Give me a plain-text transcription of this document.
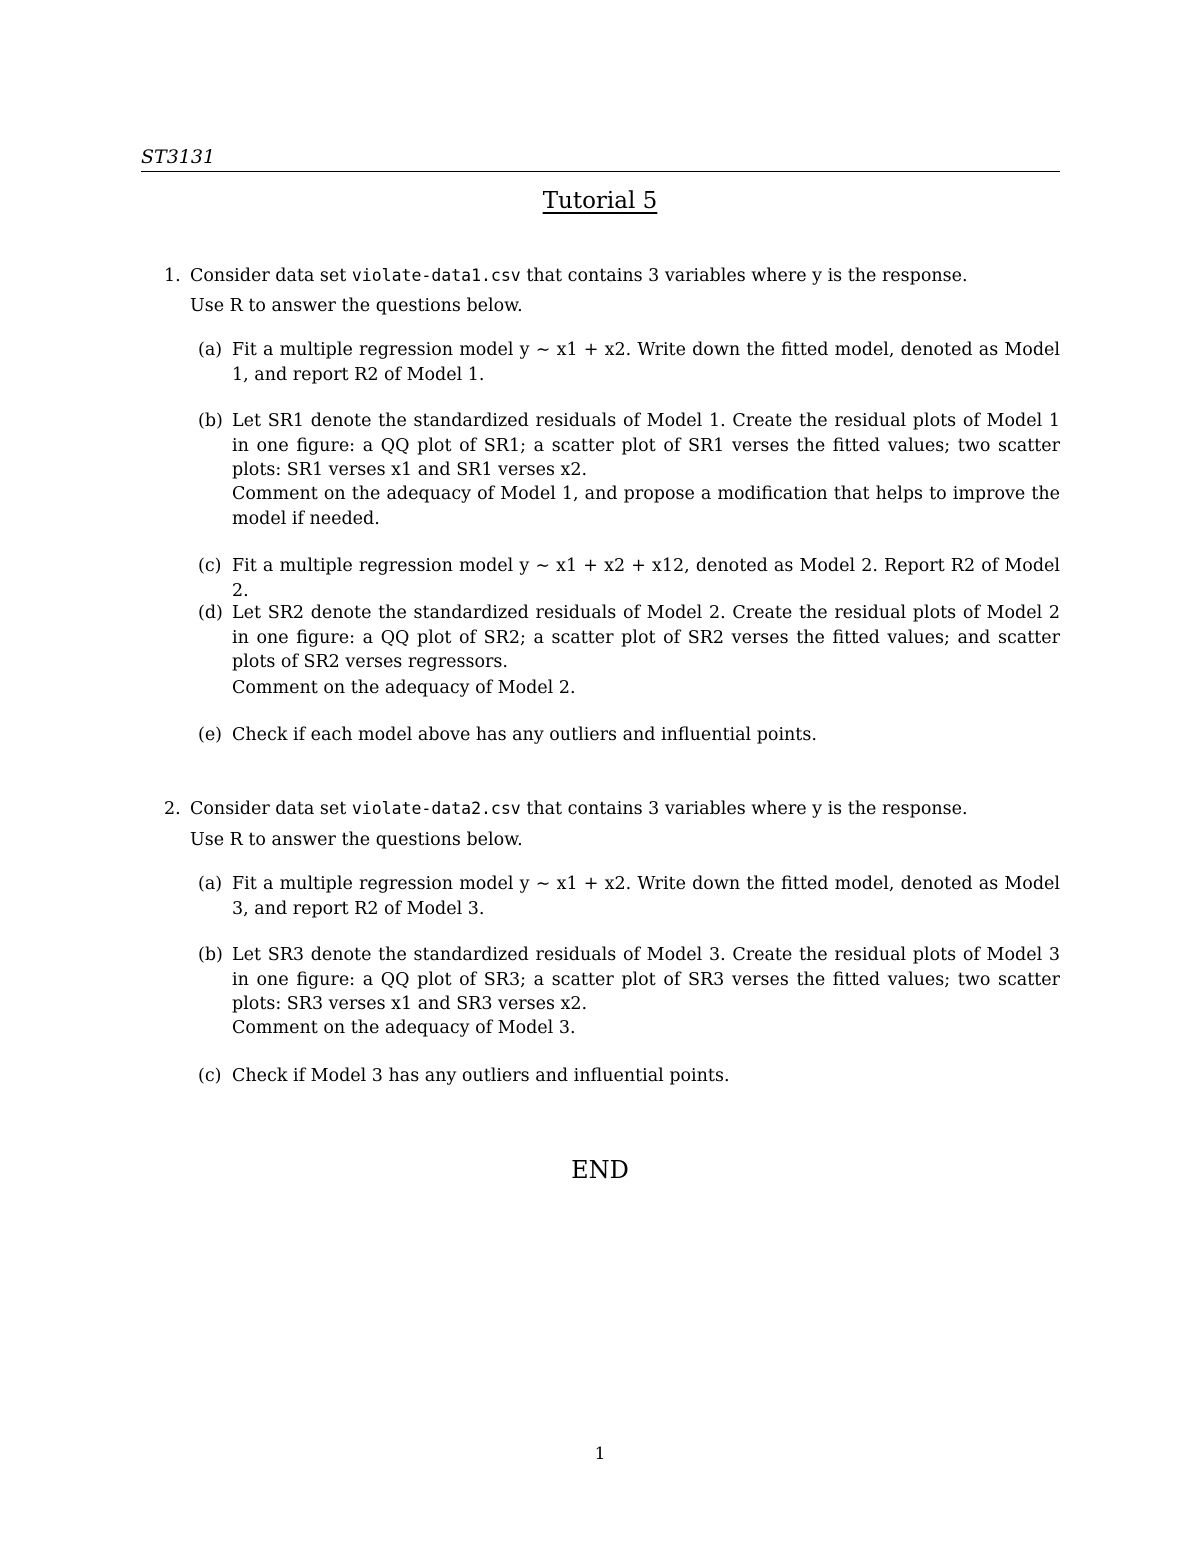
ST3131
Tutorial 5
1. Consider data set violate-data1.csv that contains 3 variables where y is the response.
Use R to answer the questions below.
(a) Fit a multiple regression model y ∼ x1 + x2. Write down the fitted model, denoted as Model 1, and report R2 of Model 1.
(b) Let SR1 denote the standardized residuals of Model 1. Create the residual plots of Model 1 in one figure: a QQ plot of SR1; a scatter plot of SR1 verses the fitted values; two scatter plots: SR1 verses x1 and SR1 verses x2.
Comment on the adequacy of Model 1, and propose a modification that helps to improve the model if needed.
(c) Fit a multiple regression model y ∼ x1 + x2 + x12, denoted as Model 2. Report R2 of Model 2.
(d) Let SR2 denote the standardized residuals of Model 2. Create the residual plots of Model 2 in one figure: a QQ plot of SR2; a scatter plot of SR2 verses the fitted values; and scatter plots of SR2 verses regressors.
Comment on the adequacy of Model 2.
(e) Check if each model above has any outliers and influential points.
2. Consider data set violate-data2.csv that contains 3 variables where y is the response.
Use R to answer the questions below.
(a) Fit a multiple regression model y ∼ x1 + x2. Write down the fitted model, denoted as Model 3, and report R2 of Model 3.
(b) Let SR3 denote the standardized residuals of Model 3. Create the residual plots of Model 3 in one figure: a QQ plot of SR3; a scatter plot of SR3 verses the fitted values; two scatter plots: SR3 verses x1 and SR3 verses x2.
Comment on the adequacy of Model 3.
(c) Check if Model 3 has any outliers and influential points.
END
1
